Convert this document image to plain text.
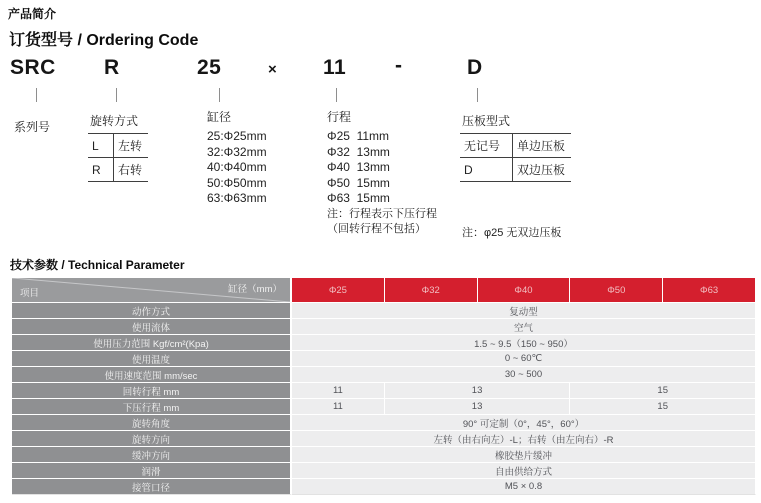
产品简介
订货型号 / Ordering Code
SRC R	25	× 11 -	D
系列号	旋转方式
L	左转
R	右转
缸径
25:Φ25mm
32:Φ32mm
40:Φ40mm
50:Φ50mm
63:Φ63mm
行程
Φ25  11mm
Φ32  13mm
Φ40  13mm
Φ50  15mm
Φ63  15mm
注：行程表示下压行程
（回转行程不包括）
压板型式
无记号	单边压板
D	双边压板
注：φ25 无双边压板
技术参数 / Technical Parameter
缸径（mm）
项目	Φ25	Φ32	Φ40	Φ50	Φ63
动作方式	复动型				
使用流体	空气				
使用压力范围 Kgf/cm²(Kpa)	1.5 ~ 9.5（150 ~ 950）				
使用温度	0 ~ 60℃				
使用速度范围 mm/sec	30 ~ 500				
回转行程 mm	11	13		15	
下压行程 mm	11	13		15	
旋转角度	90° 可定制（0°，45°，60°）				
旋转方向	左转（由右向左）-L；右转（由左向右）-R				
缓冲方向	橡胶垫片缓冲				
润滑	自由供给方式				
接管口径	M5 × 0.8				
